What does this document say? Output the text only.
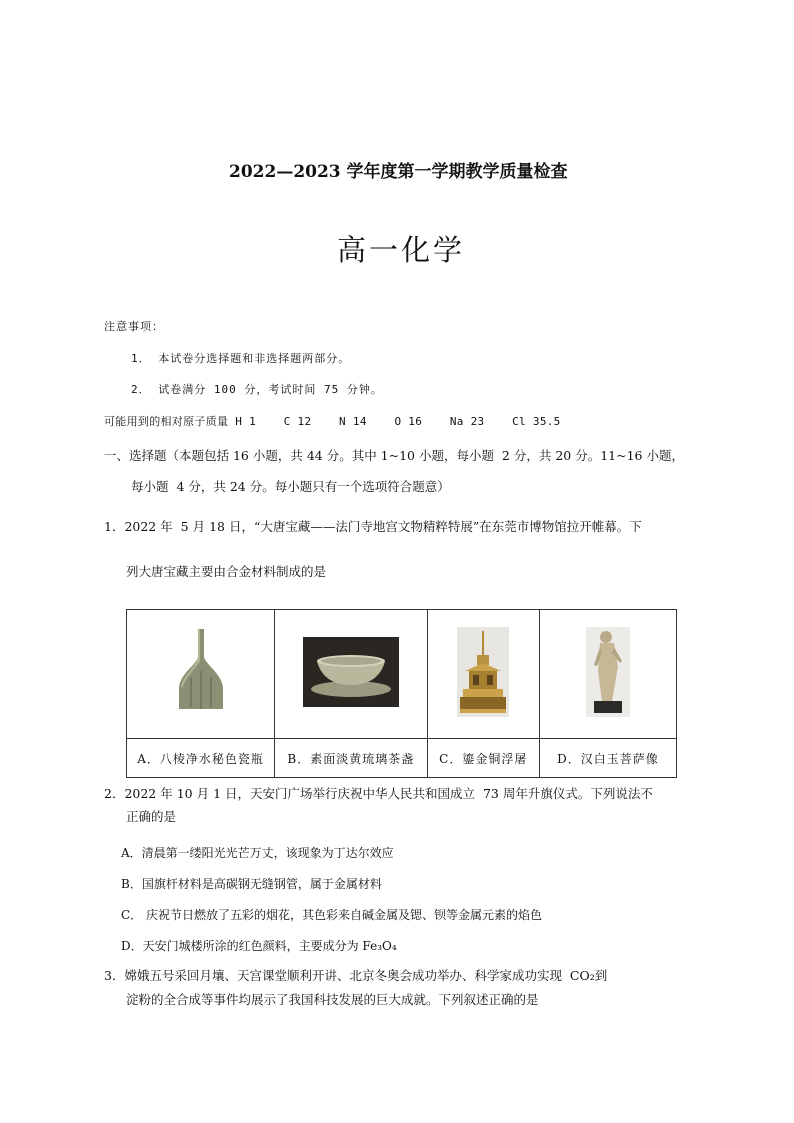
2022—2023 学年度第一学期教学质量检查
高一化学
注意事项：
1． 本试卷分选择题和非选择题两部分。
2． 试卷满分 100 分，考试时间 75 分钟。
可能用到的相对原子质量 H 1    C 12    N 14    O 16    Na 23    Cl 35.5
一、选择题（本题包括 16 小题，共 44 分。其中 1~10 小题，每小题  2 分，共 20 分。11~16 小题，
每小题  4 分，共 24 分。每小题只有一个选项符合题意）
1．2022 年  5 月 18 日，“大唐宝藏——法门寺地宫文物精粹特展”在东莞市博物馆拉开帷幕。下
列大唐宝藏主要由合金材料制成的是

A．八棱净水秘色瓷瓶	B．素面淡黄琉璃茶盏	C．鎏金铜浮屠	D．汉白玉菩萨像
2．2022 年 10 月 1 日，天安门广场举行庆祝中华人民共和国成立  73 周年升旗仪式。下列说法不
正确的是
A．清晨第一缕阳光光芒万丈，该现象为丁达尔效应
B．国旗杆材料是高碳钢无缝钢管，属于金属材料
C． 庆祝节日燃放了五彩的烟花，其色彩来自碱金属及锶、钡等金属元素的焰色
D．天安门城楼所涂的红色颜料，主要成分为 Fe₃O₄
3．嫦娥五号采回月壤、天宫课堂顺利开讲、北京冬奥会成功举办、科学家成功实现  CO₂到
淀粉的全合成等事件均展示了我国科技发展的巨大成就。下列叙述正确的是
